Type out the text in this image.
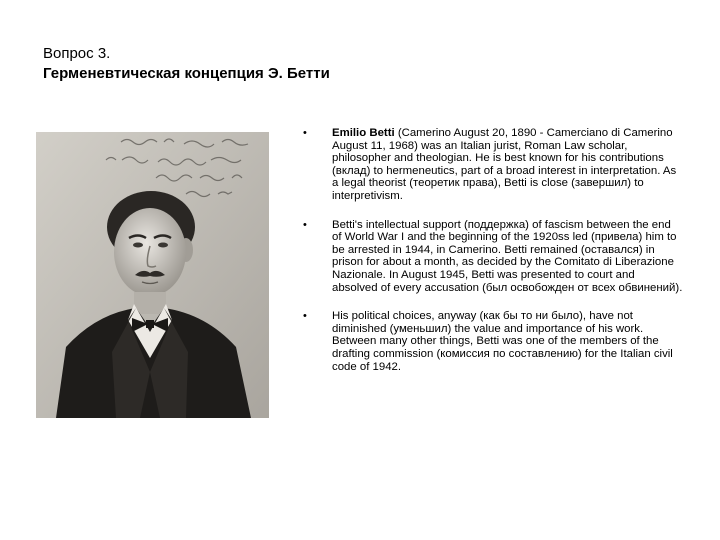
Вопрос 3.

Герменевтическая концепция Э. Бетти

• Emilio Betti (Camerino August 20, 1890 - Camerciano di Camerino August 11, 1968) was an Italian jurist, Roman Law scholar, philosopher and theologian. He is best known for his contributions (вклад) to hermeneutics, part of a broad interest in interpretation. As a legal theorist (теоретик права), Betti is close (завершил) to interpretivism.
• Betti's intellectual support (поддержка) of fascism between the end of World War I and the beginning of the 1920ss led (привела) him to be arrested in 1944, in Camerino. Betti remained (оставался) in prison for about a month, as decided by the Comitato di Liberazione Nazionale. In August 1945, Betti was presented to court and absolved of every accusation (был освобожден от всех обвинений).
• His political choices, anyway (как бы то ни было), have not diminished (уменьшил) the value and importance of his work. Between many other things, Betti was one of the members of the drafting commission (комиссия по составлению) for the Italian civil code of 1942.
